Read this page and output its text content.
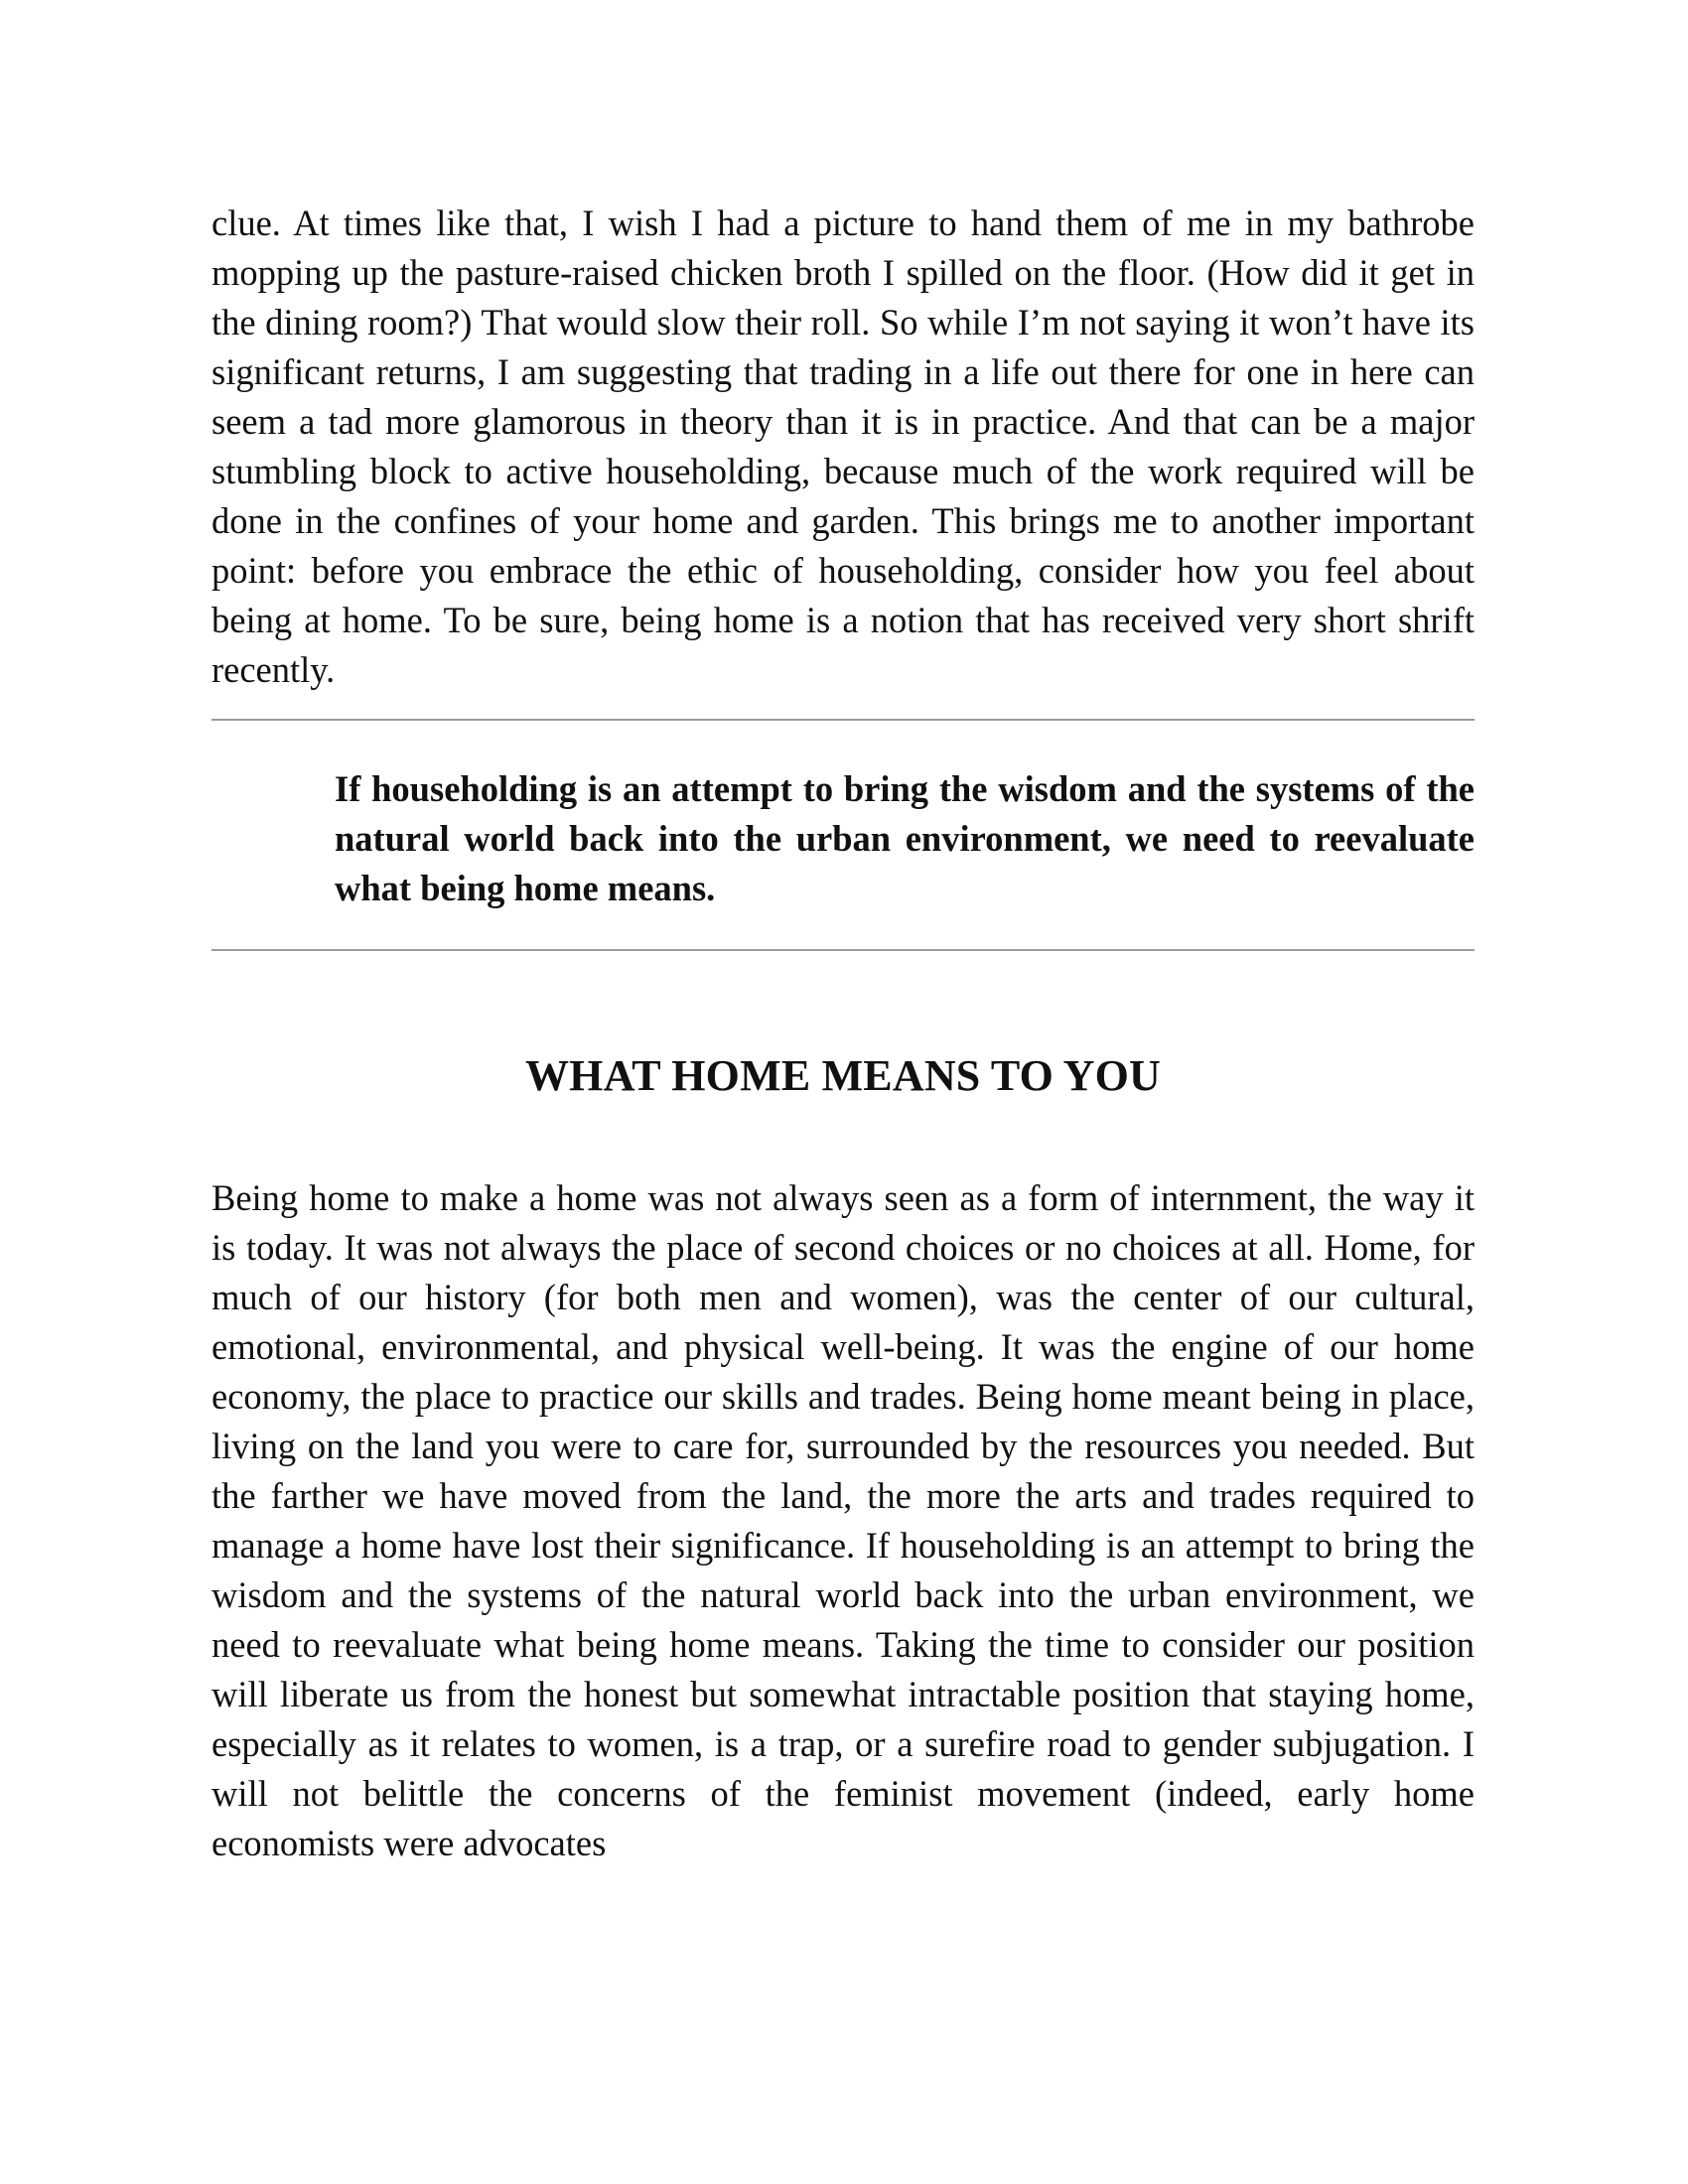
clue. At times like that, I wish I had a picture to hand them of me in my bathrobe mopping up the pasture-raised chicken broth I spilled on the floor. (How did it get in the dining room?) That would slow their roll. So while I’m not saying it won’t have its significant returns, I am suggesting that trading in a life out there for one in here can seem a tad more glamorous in theory than it is in practice. And that can be a major stumbling block to active householding, because much of the work required will be done in the confines of your home and garden. This brings me to another important point: before you embrace the ethic of householding, consider how you feel about being at home. To be sure, being home is a notion that has received very short shrift recently.

If householding is an attempt to bring the wisdom and the systems of the natural world back into the urban environment, we need to reevaluate what being home means.

WHAT HOME MEANS TO YOU

Being home to make a home was not always seen as a form of internment, the way it is today. It was not always the place of second choices or no choices at all. Home, for much of our history (for both men and women), was the center of our cultural, emotional, environmental, and physical well-being. It was the engine of our home economy, the place to practice our skills and trades. Being home meant being in place, living on the land you were to care for, surrounded by the resources you needed. But the farther we have moved from the land, the more the arts and trades required to manage a home have lost their significance. If householding is an attempt to bring the wisdom and the systems of the natural world back into the urban environment, we need to reevaluate what being home means. Taking the time to consider our position will liberate us from the honest but somewhat intractable position that staying home, especially as it relates to women, is a trap, or a surefire road to gender subjugation. I will not belittle the concerns of the feminist movement (indeed, early home economists were advocates
